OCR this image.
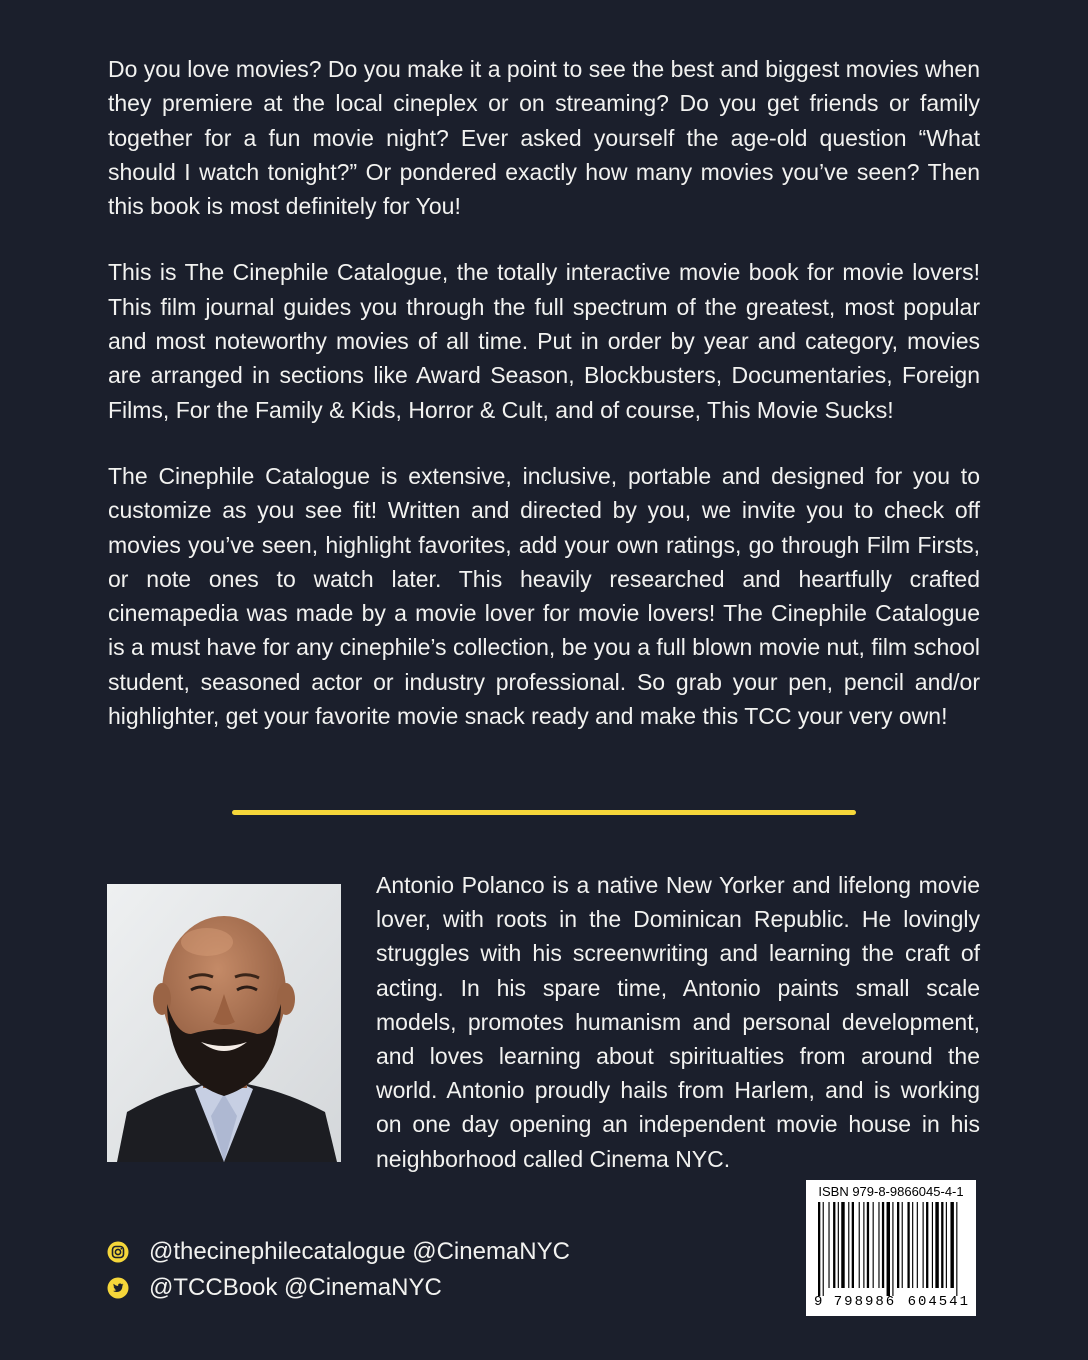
Do you love movies? Do you make it a point to see the best and biggest movies when they premiere at the local cineplex or on streaming? Do you get friends or family together for a fun movie night? Ever asked yourself the age-old question “What should I watch tonight?” Or pondered exactly how many movies you’ve seen? Then this book is most definitely for You!

This is The Cinephile Catalogue, the totally interactive movie book for movie lovers! This film journal guides you through the full spectrum of the greatest, most popular and most noteworthy movies of all time. Put in order by year and category, movies are arranged in sections like Award Season, Blockbusters, Documentaries, Foreign Films, For the Family & Kids, Horror & Cult, and of course, This Movie Sucks!

The Cinephile Catalogue is extensive, inclusive, portable and designed for you to customize as you see fit! Written and directed by you, we invite you to check off movies you’ve seen, highlight favorites, add your own ratings, go through Film Firsts, or note ones to watch later. This heavily researched and heartfully crafted cinemapedia was made by a movie lover for movie lovers! The Cinephile Catalogue is a must have for any cinephile’s collection, be you a full blown movie nut, film school student, seasoned actor or industry professional. So grab your pen, pencil and/or highlighter, get your favorite movie snack ready and make this TCC your very own!

Antonio Polanco is a native New Yorker and lifelong movie lover, with roots in the Dominican Republic. He lovingly struggles with his screenwriting and learning the craft of acting. In his spare time, Antonio paints small scale models, promotes humanism and personal development, and loves learning about spiritualties from around the world. Antonio proudly hails from Harlem, and is working on one day opening an independent movie house in his neighborhood called Cinema NYC.

@thecinephilecatalogue @CinemaNYC
@TCCBook @CinemaNYC
ISBN 979-8-9866045-4-1
9 798986 604541
